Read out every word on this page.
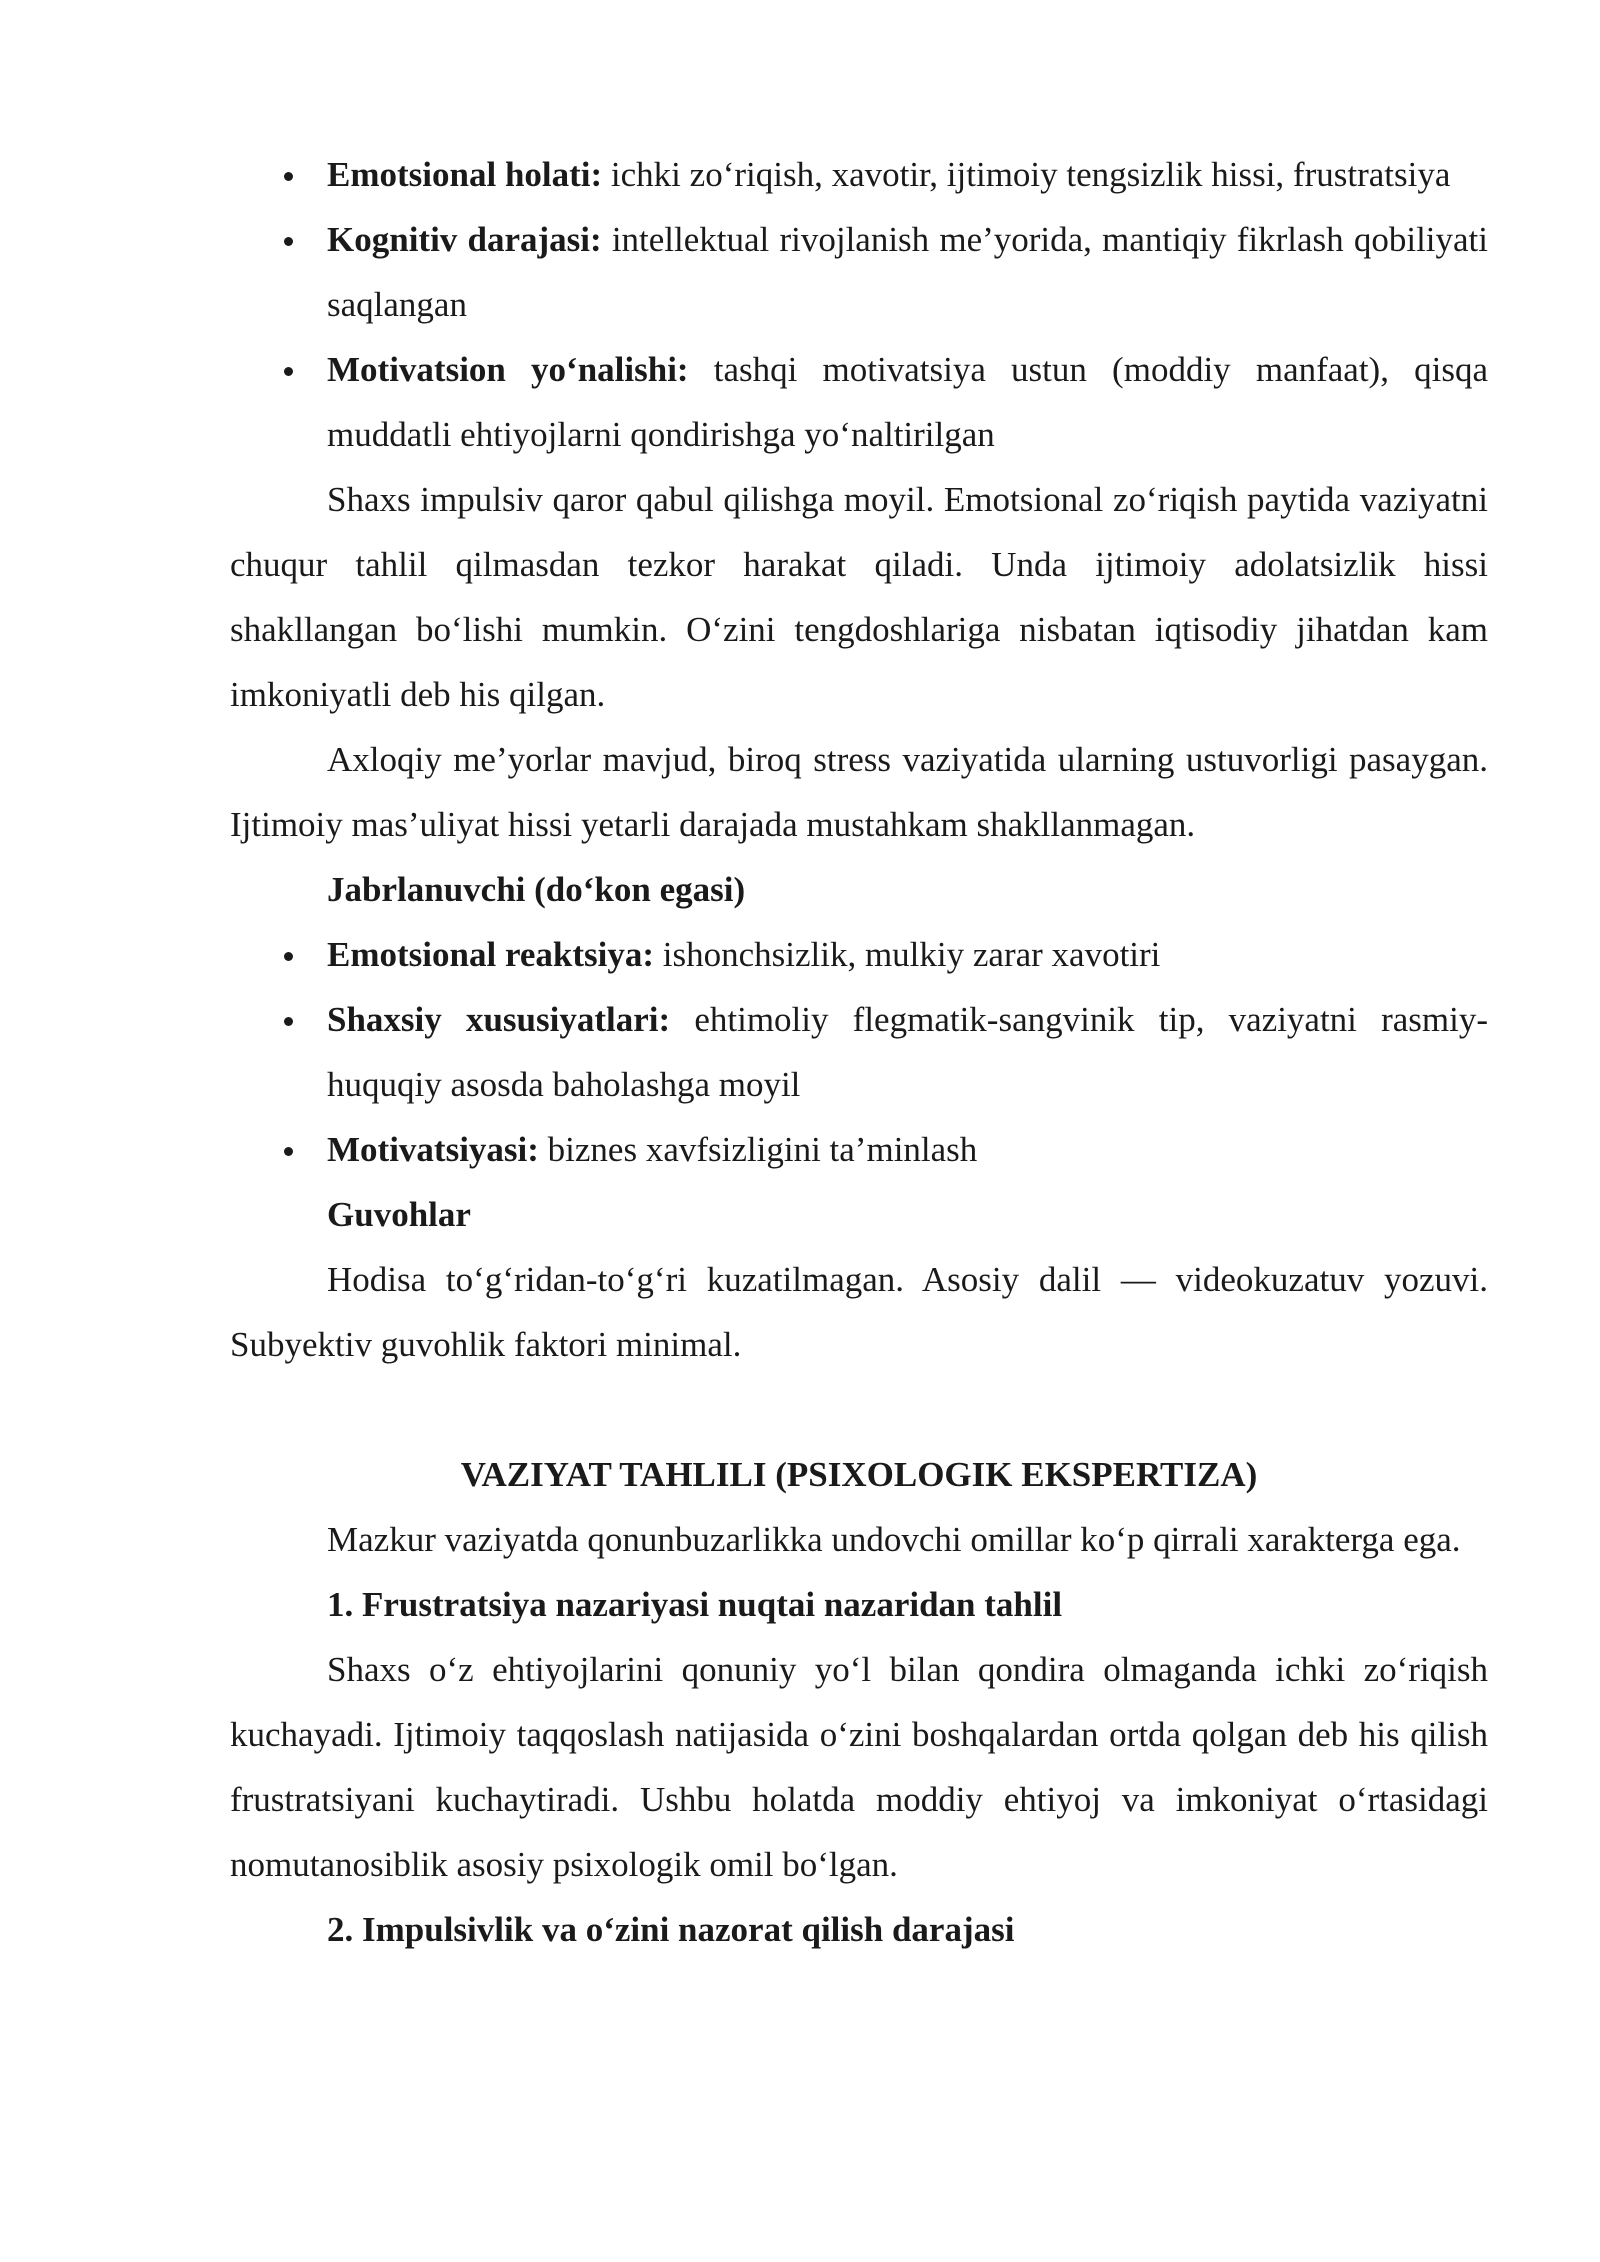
Emotsional holati: ichki zo‘riqish, xavotir, ijtimoiy tengsizlik hissi, frustratsiya
Kognitiv darajasi: intellektual rivojlanish me’yorida, mantiqiy fikrlash qobiliyati saqlangan
Motivatsion yo‘nalishi: tashqi motivatsiya ustun (moddiy manfaat), qisqa muddatli ehtiyojlarni qondirishga yo‘naltirilgan

Shaxs impulsiv qaror qabul qilishga moyil. Emotsional zo‘riqish paytida vaziyatni chuqur tahlil qilmasdan tezkor harakat qiladi. Unda ijtimoiy adolatsizlik hissi shakllangan bo‘lishi mumkin. O‘zini tengdoshlariga nisbatan iqtisodiy jihatdan kam imkoniyatli deb his qilgan.

Axloqiy me’yorlar mavjud, biroq stress vaziyatida ularning ustuvorligi pasaygan. Ijtimoiy mas’uliyat hissi yetarli darajada mustahkam shakllanmagan.

Jabrlanuvchi (do‘kon egasi)

Emotsional reaktsiya: ishonchsizlik, mulkiy zarar xavotiri
Shaxsiy xususiyatlari: ehtimoliy flegmatik-sangvinik tip, vaziyatni rasmiy-huquqiy asosda baholashga moyil
Motivatsiyasi: biznes xavfsizligini ta’minlash

Guvohlar

Hodisa to‘g‘ridan-to‘g‘ri kuzatilmagan. Asosiy dalil — videokuzatuv yozuvi. Subyektiv guvohlik faktori minimal.

VAZIYAT TAHLILI (PSIXOLOGIK EKSPERTIZA)

Mazkur vaziyatda qonunbuzarlikka undovchi omillar ko‘p qirrali xarakterga ega.

1. Frustratsiya nazariyasi nuqtai nazaridan tahlil

Shaxs o‘z ehtiyojlarini qonuniy yo‘l bilan qondira olmaganda ichki zo‘riqish kuchayadi. Ijtimoiy taqqoslash natijasida o‘zini boshqalardan ortda qolgan deb his qilish frustratsiyani kuchaytiradi. Ushbu holatda moddiy ehtiyoj va imkoniyat o‘rtasidagi nomutanosiblik asosiy psixologik omil bo‘lgan.

2. Impulsivlik va o‘zini nazorat qilish darajasi
